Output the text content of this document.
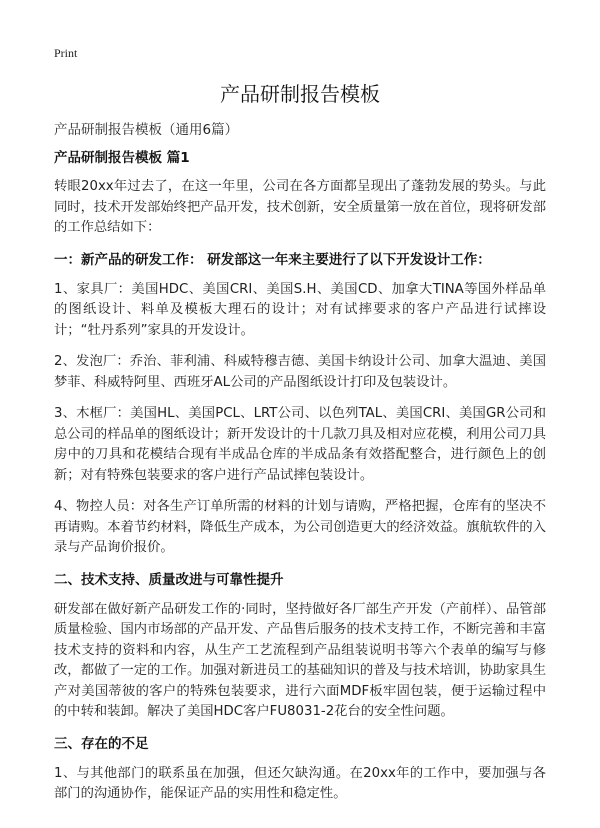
Print
产品研制报告模板
产品研制报告模板（通用6篇）
产品研制报告模板 篇1

转眼20xx年过去了，在这一年里，公司在各方面都呈现出了蓬勃发展的势头。与此同时，技术开发部始终把产品开发，技术创新，安全质量第一放在首位，现将研发部的工作总结如下：

一：新产品的研发工作： 研发部这一年来主要进行了以下开发设计工作：

1、家具厂：美国HDC、美国CRI、美国S.H、美国CD、加拿大TINA等国外样品单的图纸设计、料单及模板大理石的设计；对有试摔要求的客户产品进行试摔设计；“牡丹系列”家具的开发设计。

2、发泡厂：乔治、菲利浦、科威特穆吉德、美国卡纳设计公司、加拿大温迪、美国梦菲、科威特阿里、西班牙AL公司的产品图纸设计打印及包装设计。

3、木框厂：美国HL、美国PCL、LRT公司、以色列TAL、美国CRI、美国GR公司和总公司的样品单的图纸设计；新开发设计的十几款刀具及相对应花模，利用公司刀具房中的刀具和花模结合现有半成品仓库的半成品条有效搭配整合，进行颜色上的创新；对有特殊包装要求的客户进行产品试摔包装设计。

4、物控人员：对各生产订单所需的材料的计划与请购，严格把握，仓库有的坚决不再请购。本着节约材料，降低生产成本，为公司创造更大的经济效益。旗航软件的入录与产品询价报价。

二、技术支持、质量改进与可靠性提升

研发部在做好新产品研发工作的·同时，坚持做好各厂部生产开发（产前样）、品管部质量检验、国内市场部的产品开发、产品售后服务的技术支持工作，不断完善和丰富技术支持的资料和内容，从生产工艺流程到产品组装说明书等六个表单的编写与修改，都做了一定的工作。加强对新进员工的基础知识的普及与技术培训，协助家具生产对美国蒂彼的客户的特殊包装要求，进行六面MDF板牢固包装，便于运输过程中的中转和装卸。解决了美国HDC客户FU8031-2花台的安全性问题。

三、存在的不足

1、与其他部门的联系虽在加强，但还欠缺沟通。在20xx年的工作中，要加强与各部门的沟通协作，能保证产品的实用性和稳定性。
